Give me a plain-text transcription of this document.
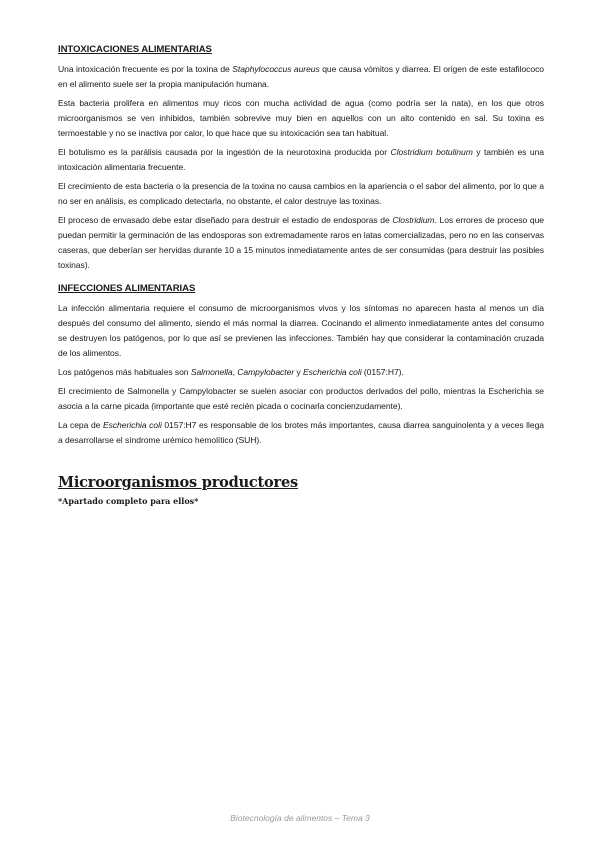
INTOXICACIONES ALIMENTARIAS

Una intoxicación frecuente es por la toxina de Staphylococcus aureus que causa vómitos y diarrea. El origen de este estafilococo en el alimento suele ser la propia manipulación humana.

Esta bacteria prolifera en alimentos muy ricos con mucha actividad de agua (como podría ser la nata), en los que otros microorganismos se ven inhibidos, también sobrevive muy bien en aquellos con un alto contenido en sal. Su toxina es termoestable y no se inactiva por calor, lo que hace que su intoxicación sea tan habitual.

El botulismo es la parálisis causada por la ingestión de la neurotoxina producida por Clostridium botulinum y también es una intoxicación alimentaria frecuente.

El crecimiento de esta bacteria o la presencia de la toxina no causa cambios en la apariencia o el sabor del alimento, por lo que a no ser en análisis, es complicado detectarla, no obstante, el calor destruye las toxinas.

El proceso de envasado debe estar diseñado para destruir el estadio de endosporas de Clostridium. Los errores de proceso que puedan permitir la germinación de las endosporas son extremadamente raros en latas comercializadas, pero no en las conservas caseras, que deberían ser hervidas durante 10 a 15 minutos inmediatamente antes de ser consumidas (para destruir las posibles toxinas).

INFECCIONES ALIMENTARIAS

La infección alimentaria requiere el consumo de microorganismos vivos y los síntomas no aparecen hasta al menos un día después del consumo del alimento, siendo el más normal la diarrea. Cocinando el alimento inmediatamente antes del consumo se destruyen los patógenos, por lo que así se previenen las infecciones. También hay que considerar la contaminación cruzada de los alimentos.

Los patógenos más habituales son Salmonella, Campylobacter y Escherichia coli (0157:H7).

El crecimiento de Salmonella y Campylobacter se suelen asociar con productos derivados del pollo, mientras la Escherichia se asocia a la carne picada (importante que esté recién picada o cocinarla concienzudamente).

La cepa de Escherichia coli 0157:H7 es responsable de los brotes más importantes, causa diarrea sanguinolenta y a veces llega a desarrollarse el síndrome urémico hemolítico (SUH).

Microorganismos productores
*Apartado completo para ellos*
Biotecnología de alimentos – Tema 3
